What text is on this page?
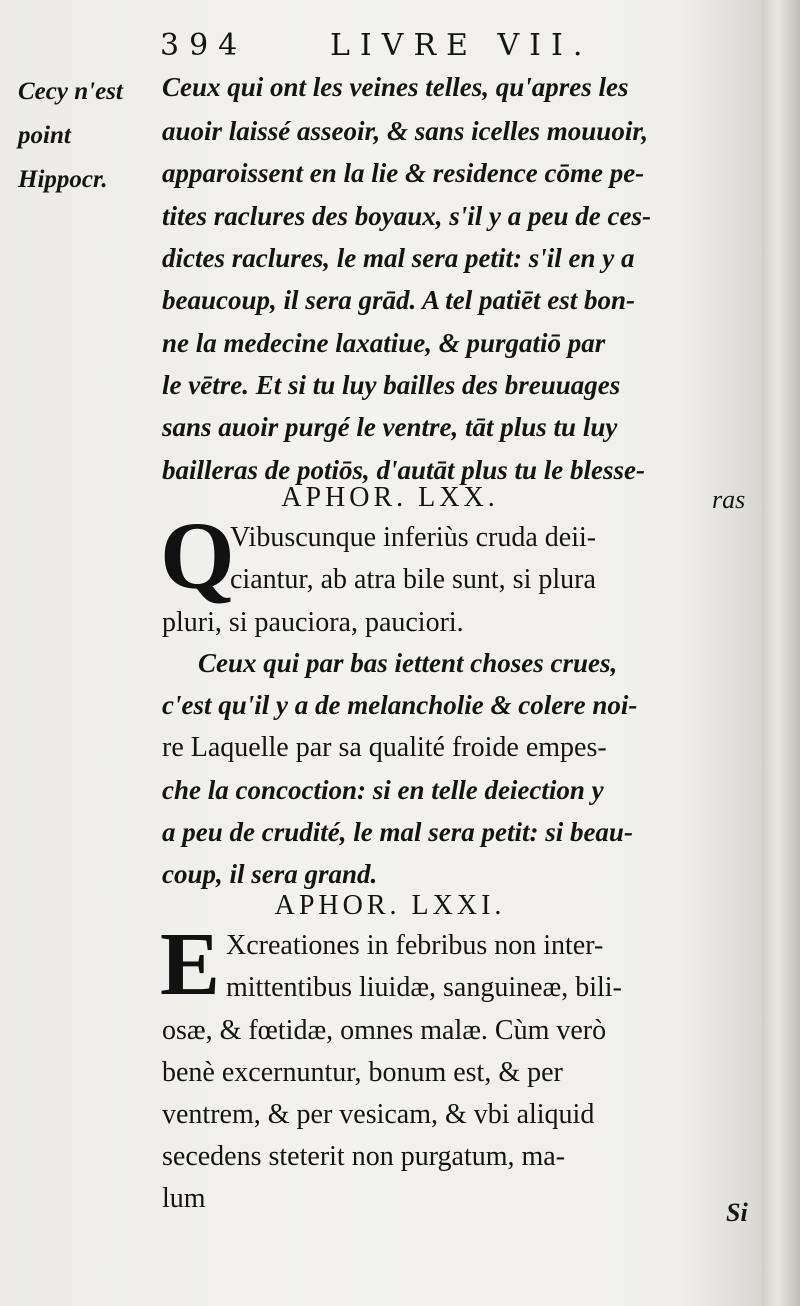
394	LIVRE VII.
Cecy n'est
point
Hippocr.
Ceux qui ont les veines telles, qu'apres les
auoir laissé asseoir, & sans icelles mouuoir,
apparoissent en la lie & residence cōme pe-
tites raclures des boyaux, s'il y a peu de ces-
dictes raclures, le mal sera petit: s'il en y a
beaucoup, il sera grād. A tel patiēt est bon-
ne la medecine laxatiue, & purgatiō par
le vētre. Et si tu luy bailles des breuuages
sans auoir purgé le ventre, tāt plus tu luy
bailleras de potiōs, d'autāt plus tu le blesse-
ras
APHOR. LXX.
Q
Vibuscunque inferiùs cruda deii-
ciantur, ab atra bile sunt, si plura
pluri, si pauciora, pauciori.
Ceux qui par bas iettent choses crues,
c'est qu'il y a de melancholie & colere noi-
re Laquelle par sa qualité froide empes-
che la concoction: si en telle deiection y
a peu de crudité, le mal sera petit: si beau-
coup, il sera grand.
APHOR. LXXI.
E Xcreationes in febribus non inter-
mittentibus liuidæ, sanguineæ, bili-
osæ, & fœtidæ, omnes malæ. Cùm verò
benè excernuntur, bonum est, & per
ventrem, & per vesicam, & vbi aliquid
secedens steterit non purgatum, ma-
lum	Si
